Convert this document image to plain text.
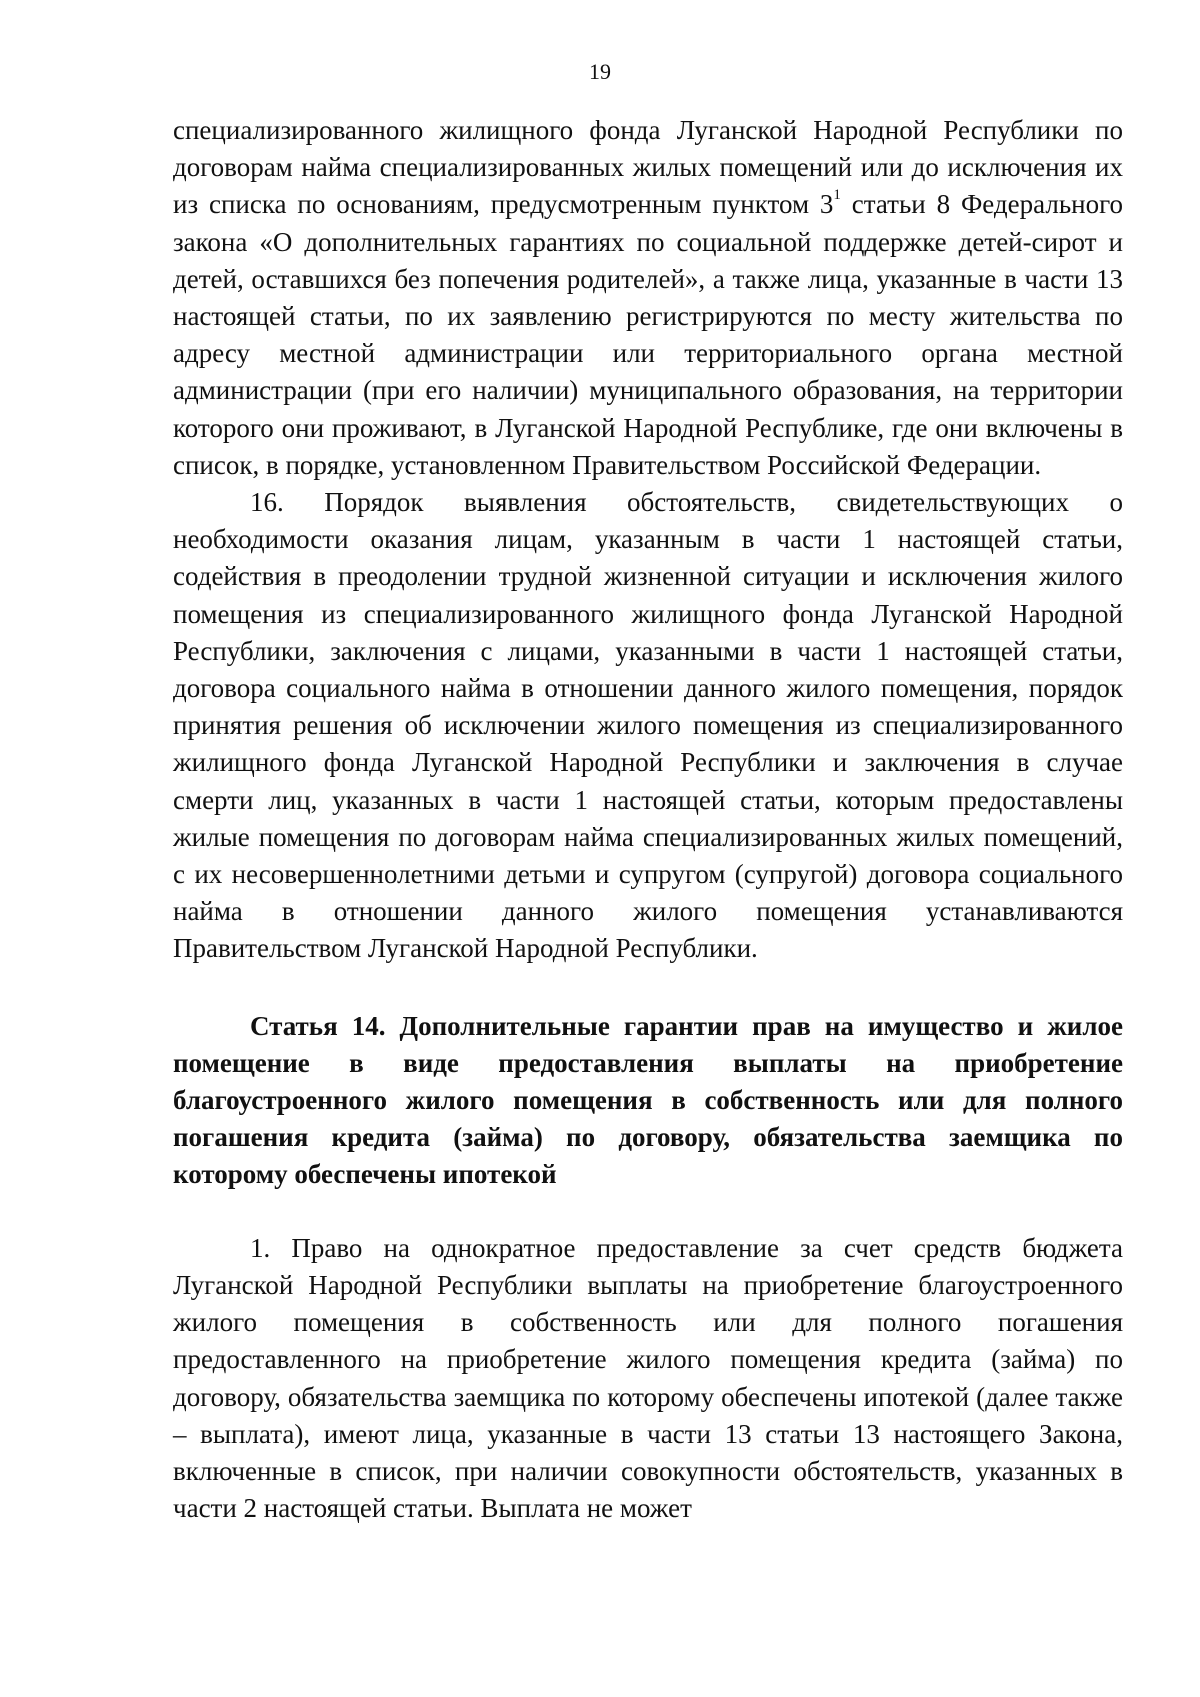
19

специализированного жилищного фонда Луганской Народной Республики по договорам найма специализированных жилых помещений или до исключения их из списка по основаниям, предусмотренным пунктом $3^1$ статьи 8 Федерального закона «О дополнительных гарантиях по социальной поддержке детей-сирот и детей, оставшихся без попечения родителей», а также лица, указанные в части 13 настоящей статьи, по их заявлению регистрируются по месту жительства по адресу местной администрации или территориального органа местной администрации (при его наличии) муниципального образования, на территории которого они проживают, в Луганской Народной Республике, где они включены в список, в порядке, установленном Правительством Российской Федерации.

16. Порядок выявления обстоятельств, свидетельствующих о необходимости оказания лицам, указанным в части 1 настоящей статьи, содействия в преодолении трудной жизненной ситуации и исключения жилого помещения из специализированного жилищного фонда Луганской Народной Республики, заключения с лицами, указанными в части 1 настоящей статьи, договора социального найма в отношении данного жилого помещения, порядок принятия решения об исключении жилого помещения из специализированного жилищного фонда Луганской Народной Республики и заключения в случае смерти лиц, указанных в части 1 настоящей статьи, которым предоставлены жилые помещения по договорам найма специализированных жилых помещений, с их несовершеннолетними детьми и супругом (супругой) договора социального найма в отношении данного жилого помещения устанавливаются Правительством Луганской Народной Республики.

Статья 14. Дополнительные гарантии прав на имущество и жилое помещение в виде предоставления выплаты на приобретение благоустроенного жилого помещения в собственность или для полного погашения кредита (займа) по договору, обязательства заемщика по которому обеспечены ипотекой

1. Право на однократное предоставление за счет средств бюджета Луганской Народной Республики выплаты на приобретение благоустроенного жилого помещения в собственность или для полного погашения предоставленного на приобретение жилого помещения кредита (займа) по договору, обязательства заемщика по которому обеспечены ипотекой (далее также – выплата), имеют лица, указанные в части 13 статьи 13 настоящего Закона, включенные в список, при наличии совокупности обстоятельств, указанных в части 2 настоящей статьи. Выплата не может
